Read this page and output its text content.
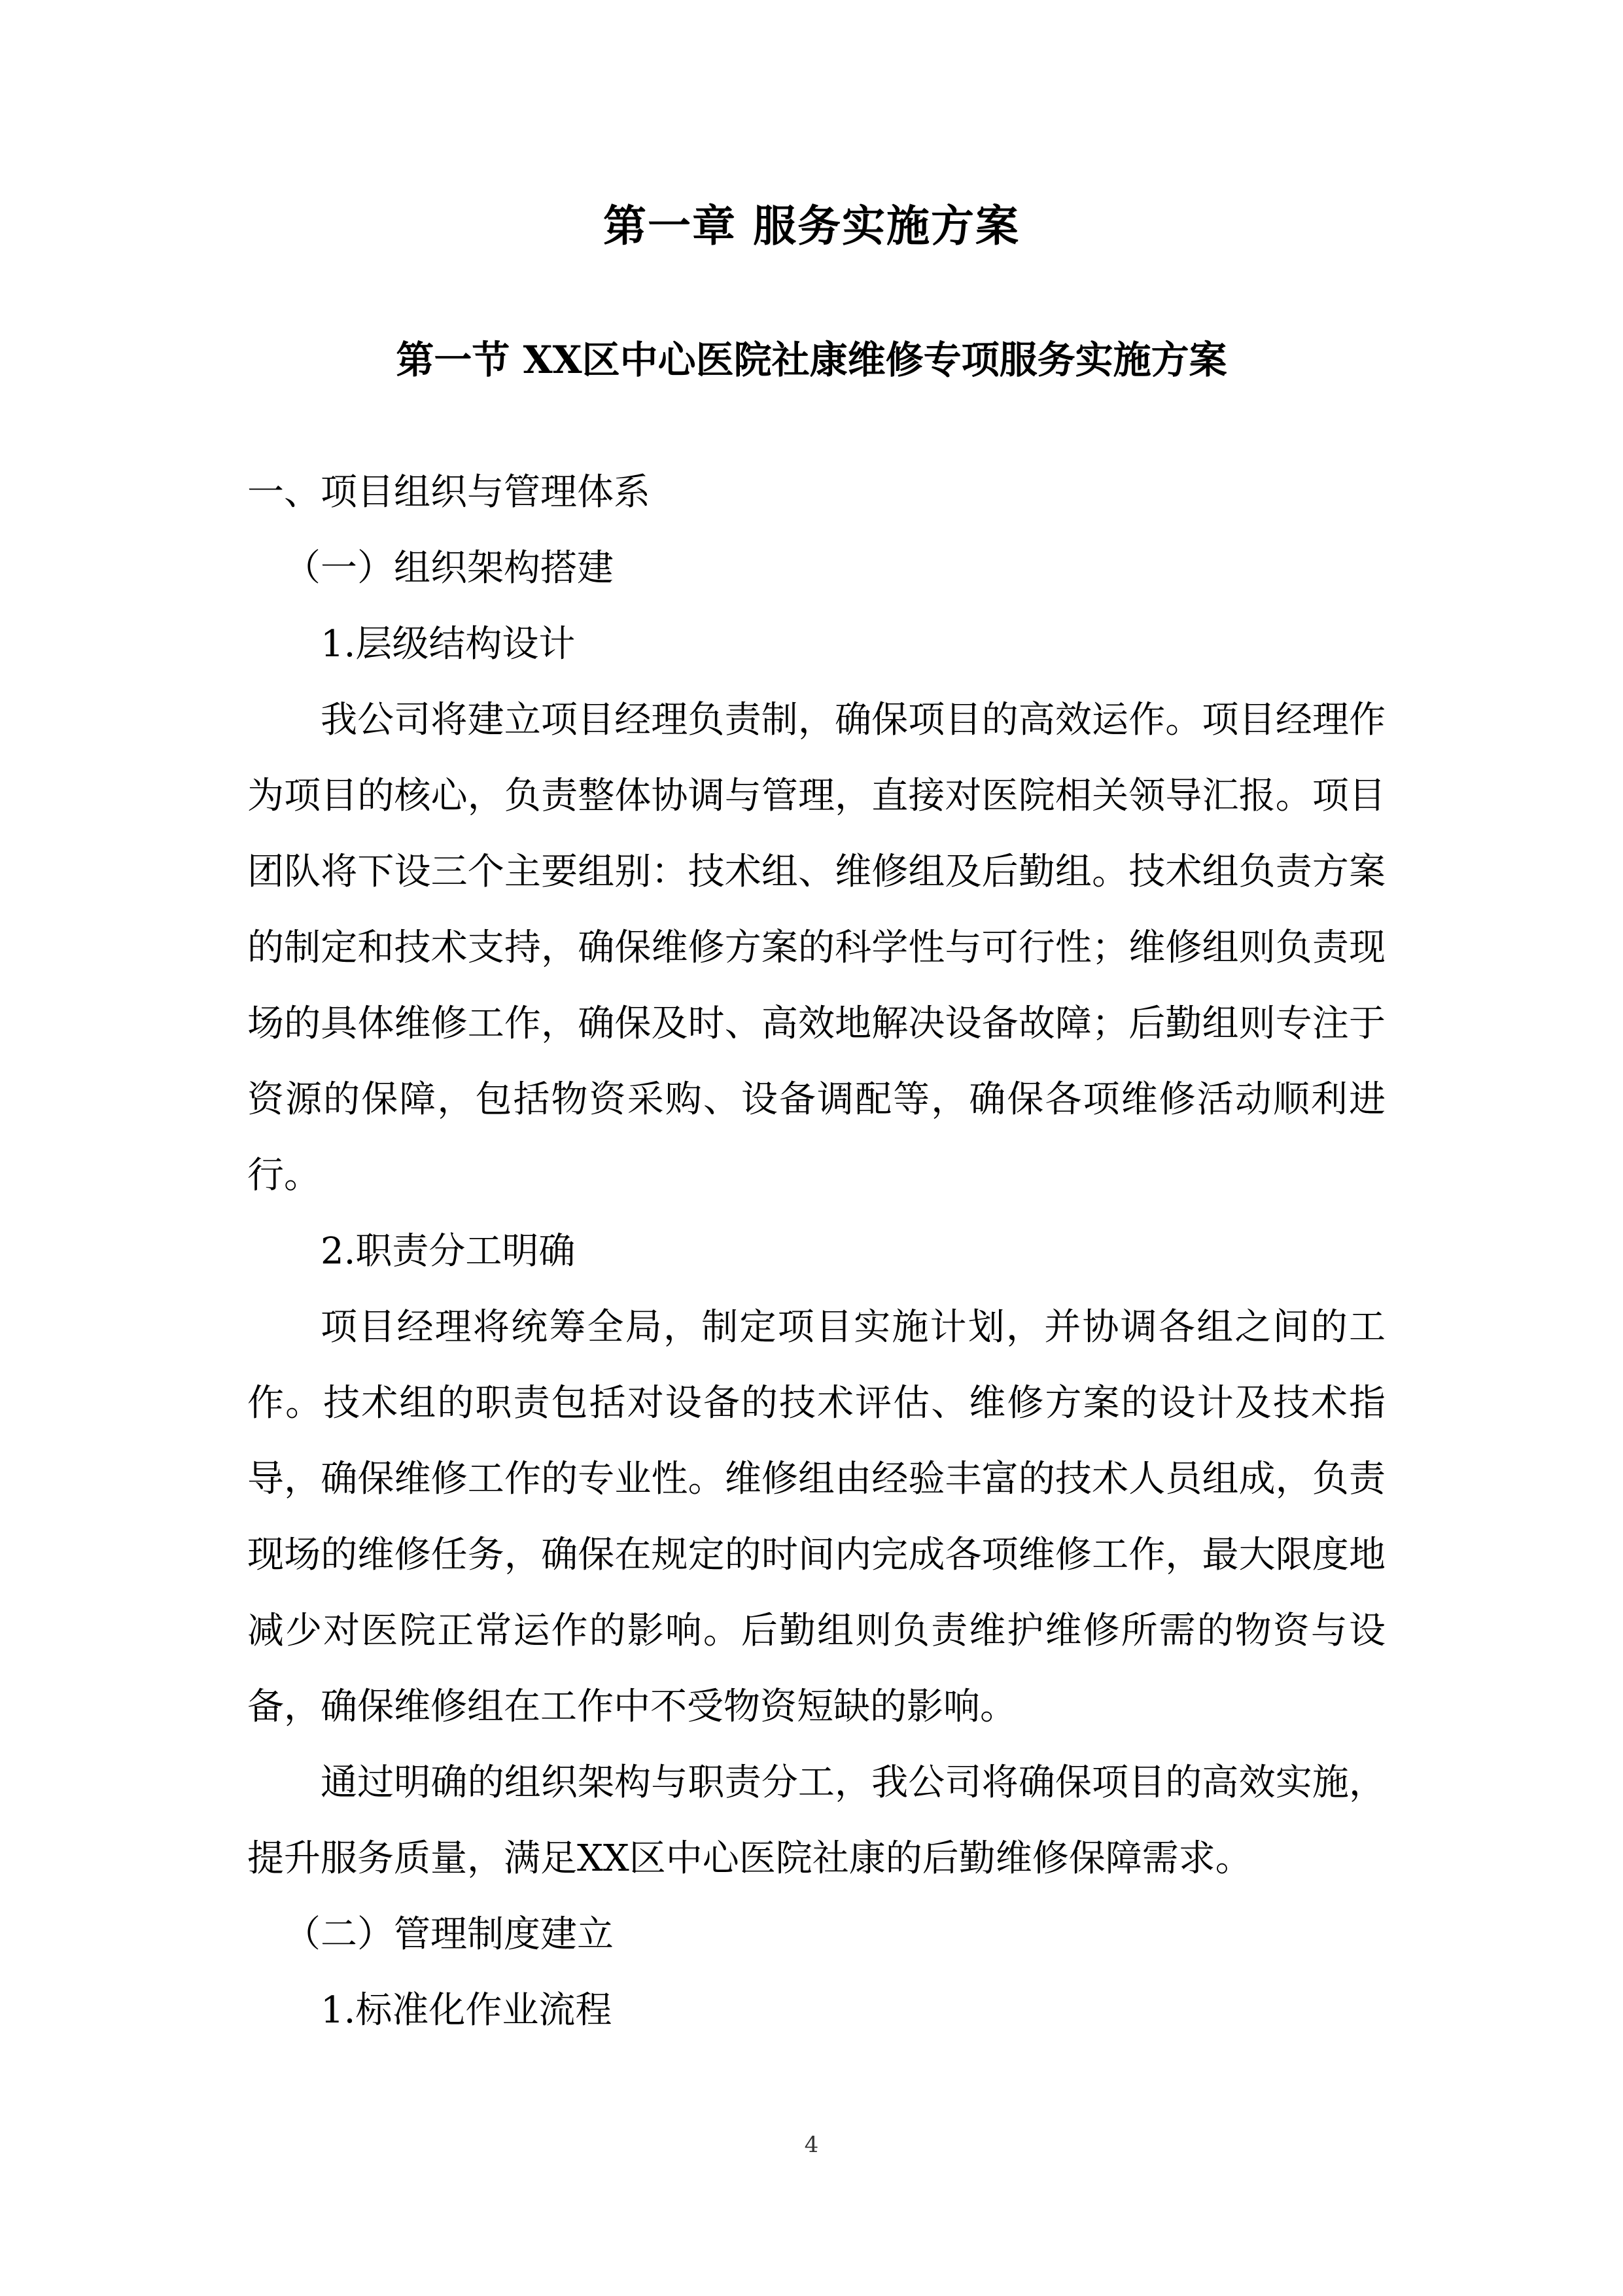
第一章 服务实施方案
第一节 XX区中心医院社康维修专项服务实施方案

一、项目组织与管理体系

（一）组织架构搭建

1.层级结构设计

我公司将建立项目经理负责制，确保项目的高效运作。项目经理作为项目的核心，负责整体协调与管理，直接对医院相关领导汇报。项目团队将下设三个主要组别：技术组、维修组及后勤组。技术组负责方案的制定和技术支持，确保维修方案的科学性与可行性；维修组则负责现场的具体维修工作，确保及时、高效地解决设备故障；后勤组则专注于资源的保障，包括物资采购、设备调配等，确保各项维修活动顺利进行。

2.职责分工明确

项目经理将统筹全局，制定项目实施计划，并协调各组之间的工作。技术组的职责包括对设备的技术评估、维修方案的设计及技术指导，确保维修工作的专业性。维修组由经验丰富的技术人员组成，负责现场的维修任务，确保在规定的时间内完成各项维修工作，最大限度地减少对医院正常运作的影响。后勤组则负责维护维修所需的物资与设备，确保维修组在工作中不受物资短缺的影响。

通过明确的组织架构与职责分工，我公司将确保项目的高效实施，提升服务质量，满足XX区中心医院社康的后勤维修保障需求。

（二）管理制度建立

1.标准化作业流程

4
